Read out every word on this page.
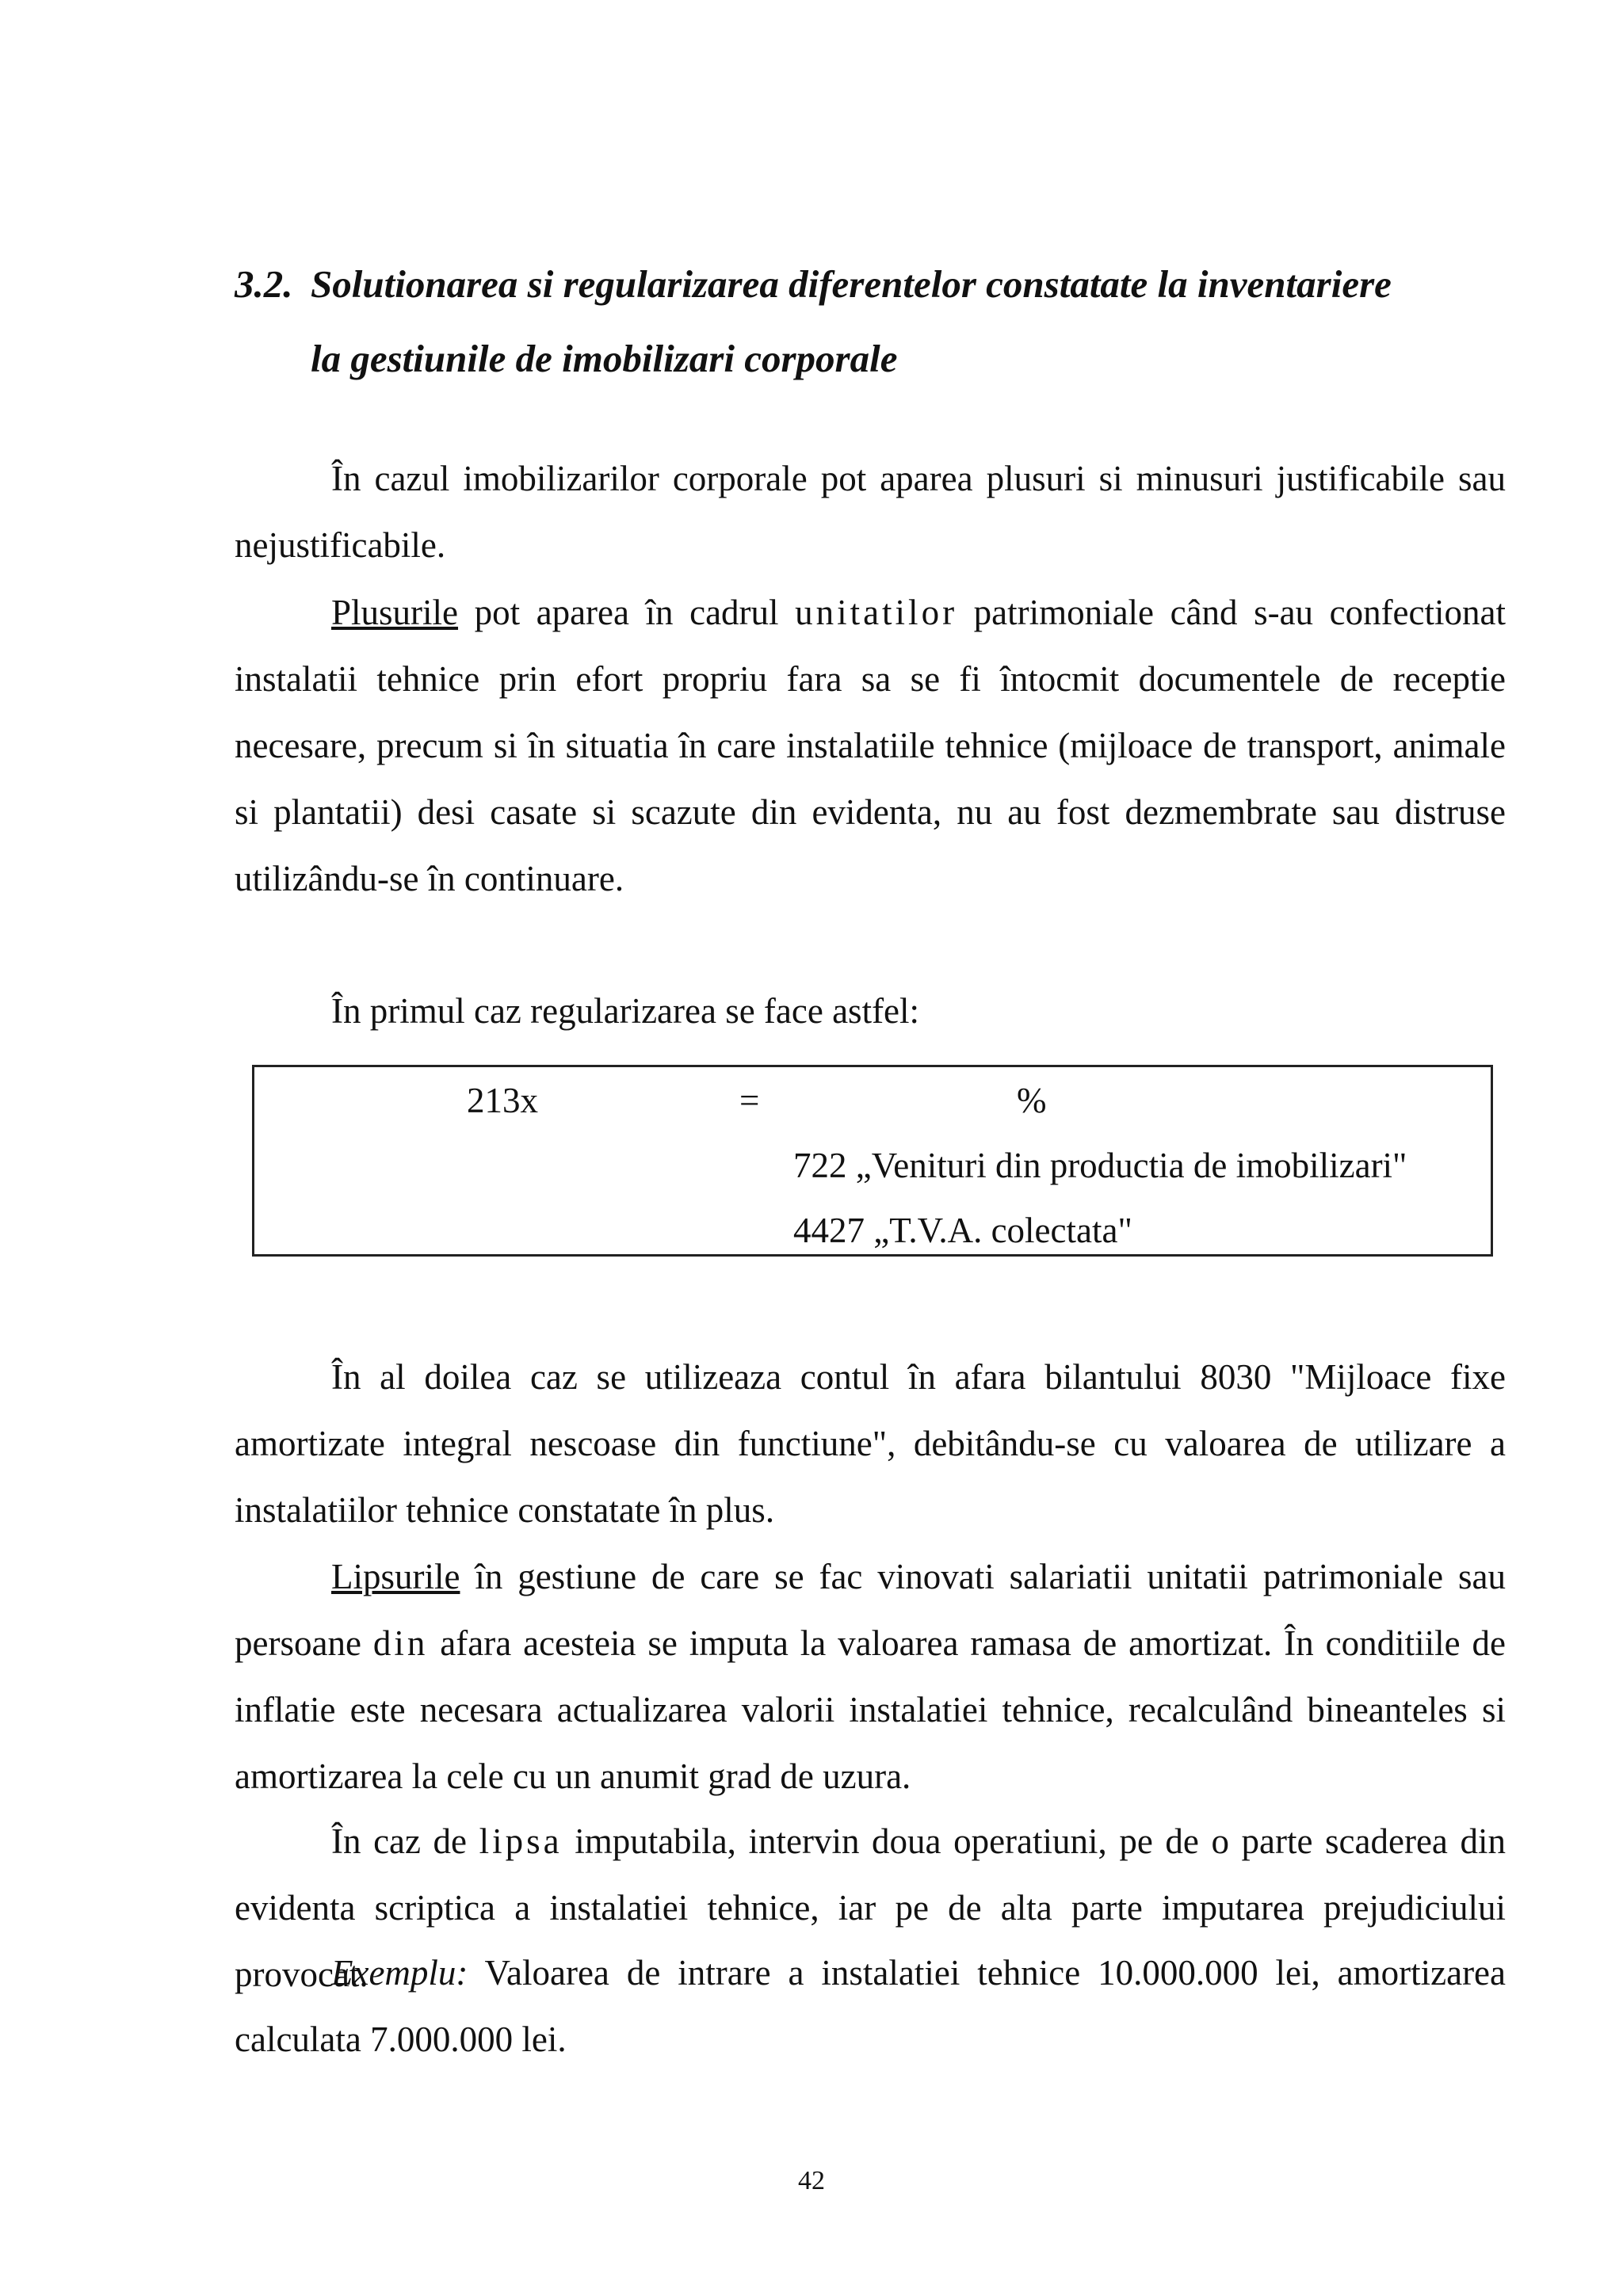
3.2. Solutionarea si regularizarea diferentelor constatate la inventariere
la gestiunile de imobilizari corporale

În cazul imobilizarilor corporale pot aparea plusuri si minusuri justificabile sau nejustificabile.

Plusurile pot aparea în cadrul unitatilor patrimoniale când s-au confectionat instalatii tehnice prin efort propriu fara sa se fi întocmit documentele de receptie necesare, precum si în situatia în care instalatiile tehnice (mijloace de transport, animale si plantatii) desi casate si scazute din evidenta, nu au fost dezmembrate sau distruse utilizându-se în continuare.

În primul caz regularizarea se face astfel:

213x	=	%
722 „Venituri din productia de imobilizari"
4427 „T.V.A. colectata"

În al doilea caz se utilizeaza contul în afara bilantului 8030 "Mijloace fixe amortizate integral nescoase din functiune", debitându-se cu valoarea de utilizare a instalatiilor tehnice constatate în plus.

Lipsurile în gestiune de care se fac vinovati salariatii unitatii patrimoniale sau persoane din afara acesteia se imputa la valoarea ramasa de amortizat. În conditiile de inflatie este necesara actualizarea valorii instalatiei tehnice, recalculând bineanteles si amortizarea la cele cu un anumit grad de uzura.

În caz de lipsa imputabila, intervin doua operatiuni, pe de o parte scaderea din evidenta scriptica a instalatiei tehnice, iar pe de alta parte imputarea prejudiciului provocat.

Exemplu: Valoarea de intrare a instalatiei tehnice 10.000.000 lei, amortizarea calculata 7.000.000 lei.

42
